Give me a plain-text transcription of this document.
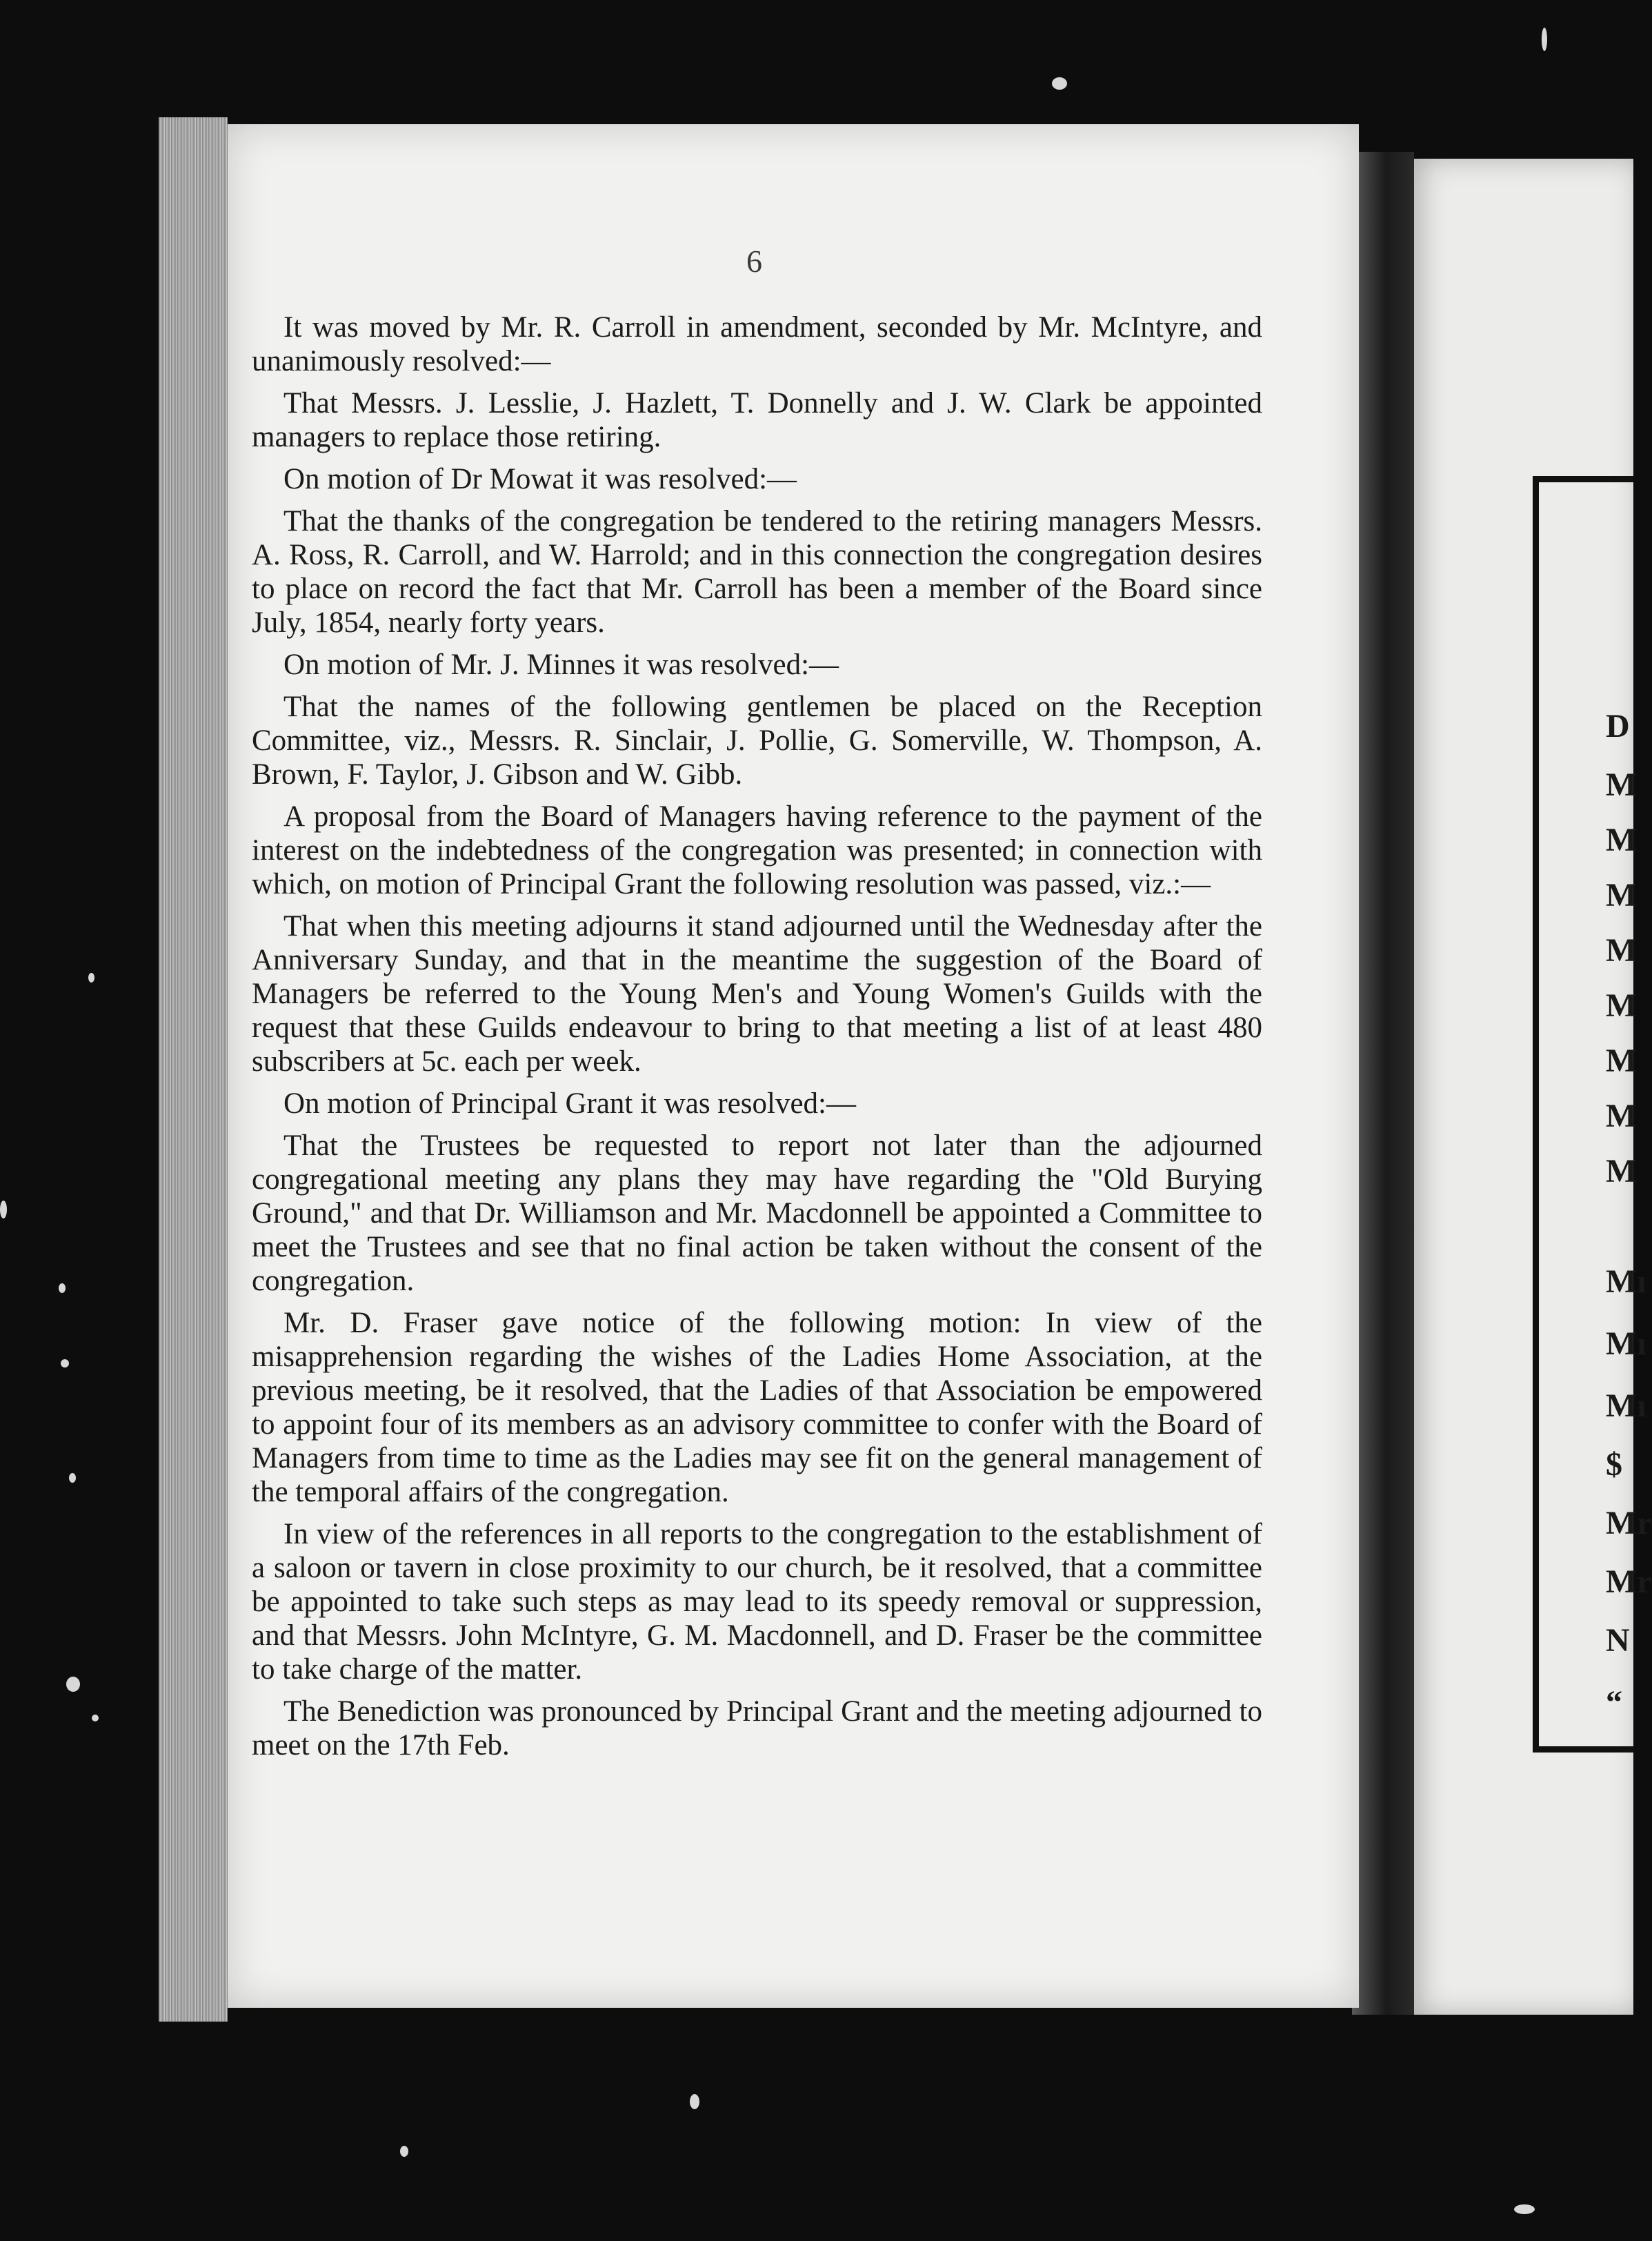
6

It was moved by Mr. R. Carroll in amendment, seconded by Mr. McIntyre, and unanimously resolved:—

That Messrs. J. Lesslie, J. Hazlett, T. Donnelly and J. W. Clark be appointed managers to replace those retiring.

On motion of Dr Mowat it was resolved:—

That the thanks of the congregation be tendered to the retiring managers Messrs. A. Ross, R. Carroll, and W. Harrold; and in this connection the congregation desires to place on record the fact that Mr. Carroll has been a member of the Board since July, 1854, nearly forty years.

On motion of Mr. J. Minnes it was resolved:—

That the names of the following gentlemen be placed on the Reception Committee, viz., Messrs. R. Sinclair, J. Pollie, G. Somerville, W. Thompson, A. Brown, F. Taylor, J. Gibson and W. Gibb.

A proposal from the Board of Managers having reference to the payment of the interest on the indebtedness of the congregation was presented; in connection with which, on motion of Principal Grant the following resolution was passed, viz.:—

That when this meeting adjourns it stand adjourned until the Wednesday after the Anniversary Sunday, and that in the meantime the suggestion of the Board of Managers be referred to the Young Men's and Young Women's Guilds with the request that these Guilds endeavour to bring to that meeting a list of at least 480 subscribers at 5c. each per week.

On motion of Principal Grant it was resolved:—

That the Trustees be requested to report not later than the adjourned congregational meeting any plans they may have regarding the "Old Burying Ground," and that Dr. Williamson and Mr. Macdonnell be appointed a Committee to meet the Trustees and see that no final action be taken without the consent of the congregation.

Mr. D. Fraser gave notice of the following motion: In view of the misapprehension regarding the wishes of the Ladies Home Association, at the previous meeting, be it resolved, that the Ladies of that Association be empowered to appoint four of its members as an advisory committee to confer with the Board of Managers from time to time as the Ladies may see fit on the general management of the temporal affairs of the congregation.

In view of the references in all reports to the congregation to the establishment of a saloon or tavern in close proximity to our church, be it resolved, that a committee be appointed to take such steps as may lead to its speedy removal or suppression, and that Messrs. John McIntyre, G. M. Macdonnell, and D. Fraser be the committee to take charge of the matter.

The Benediction was pronounced by Principal Grant and the meeting adjourned to meet on the 17th Feb.

D
M
M
M
M
M
M
M
M
Mı
Mı
Mı
$
Mr
Mr
N
“
